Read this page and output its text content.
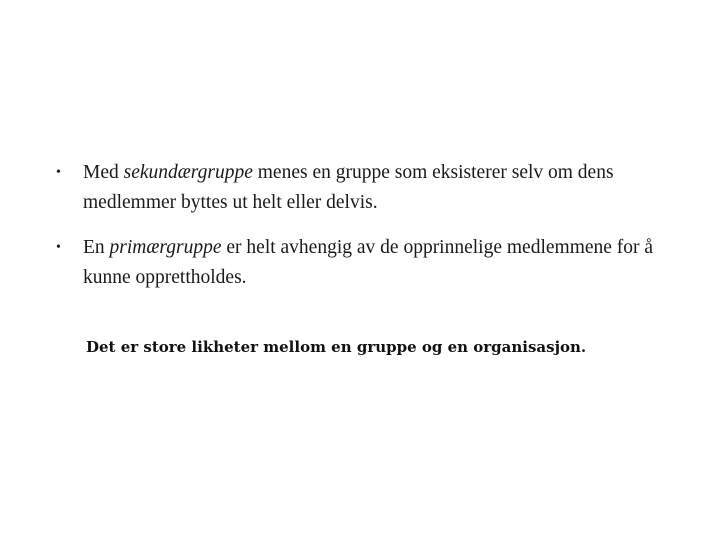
• Med sekundærgruppe menes en gruppe som eksisterer selv om dens medlemmer byttes ut helt eller delvis.
• En primærgruppe er helt avhengig av de opprinnelige medlemmene for å kunne opprettholdes.
Det er store likheter mellom en gruppe og en organisasjon.
